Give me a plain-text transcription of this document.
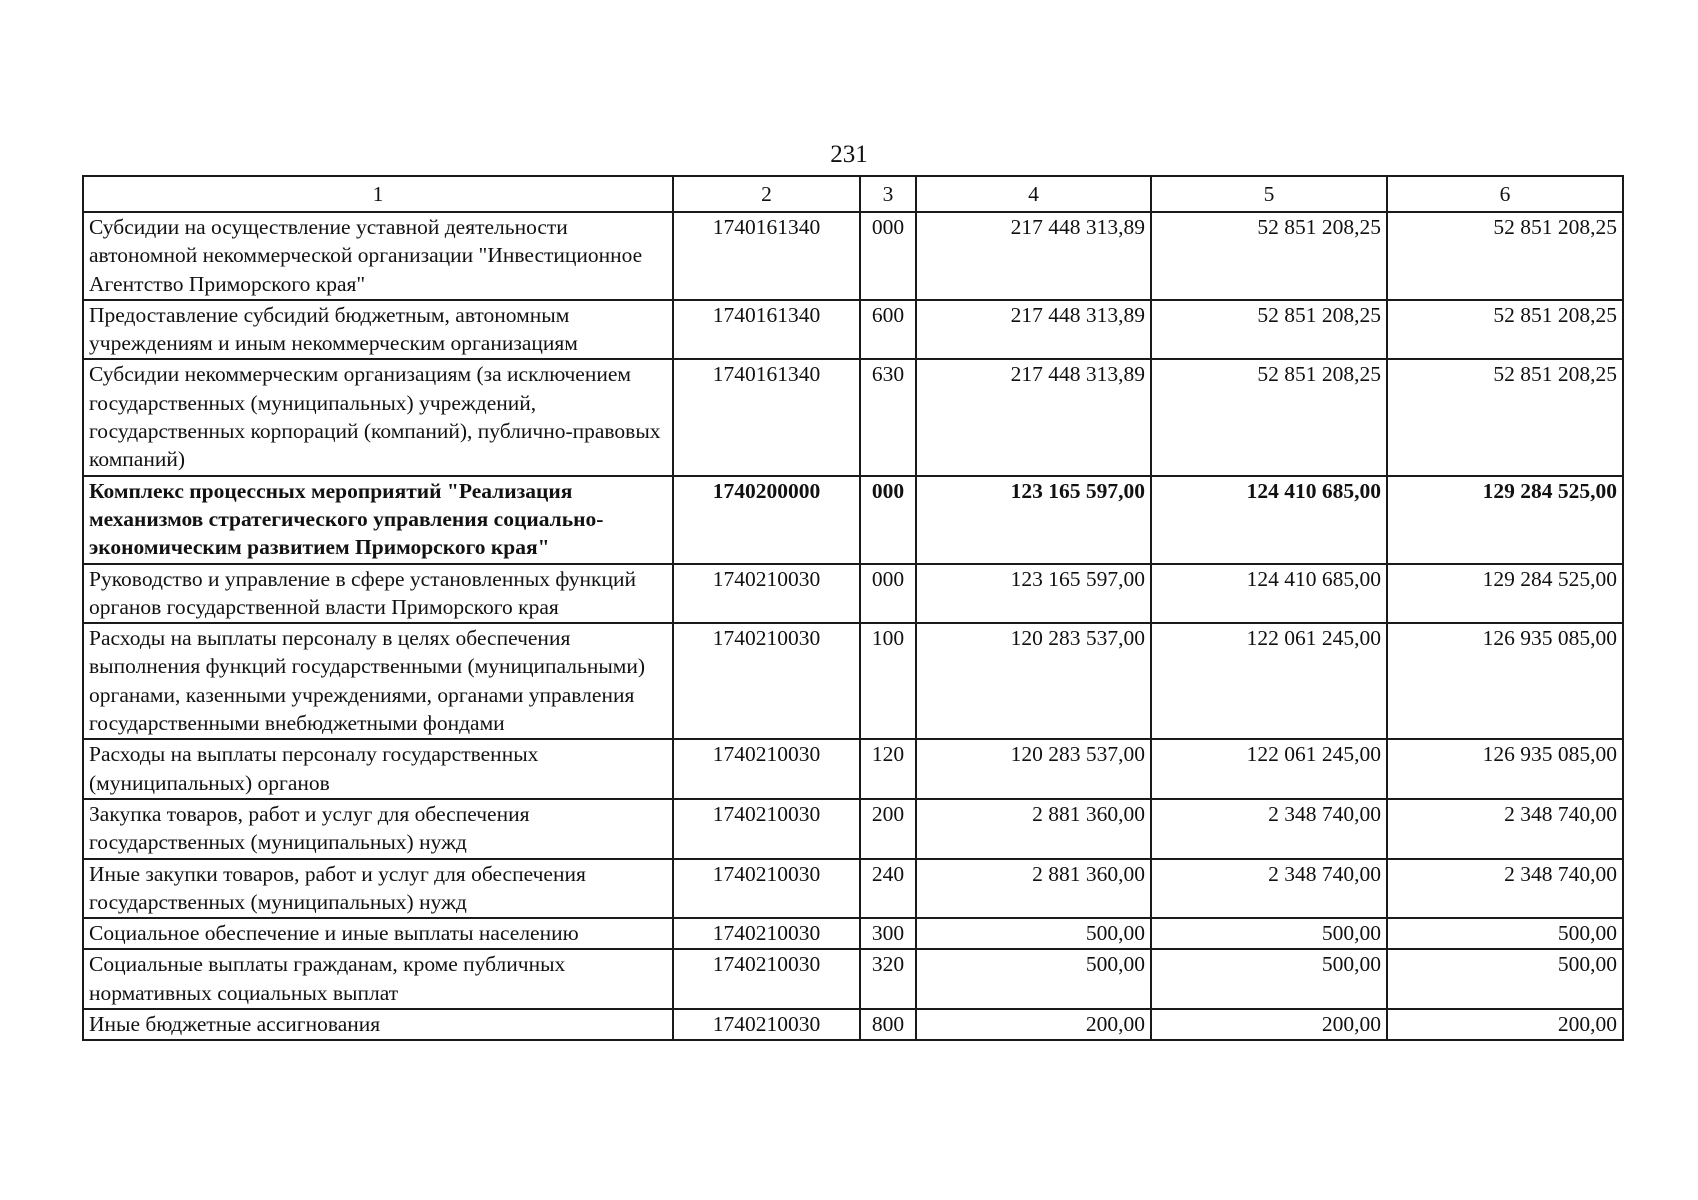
231
1	2	3	4	5	6
Субсидии на осуществление уставной деятельности автономной некоммерческой организации "Инвестиционное Агентство Приморского края"	1740161340	000	217 448 313,89	52 851 208,25	52 851 208,25
Предоставление субсидий бюджетным, автономным учреждениям и иным некоммерческим организациям	1740161340	600	217 448 313,89	52 851 208,25	52 851 208,25
Субсидии некоммерческим организациям (за исключением государственных (муниципальных) учреждений, государственных корпораций (компаний), публично-правовых компаний)	1740161340	630	217 448 313,89	52 851 208,25	52 851 208,25
Комплекс процессных мероприятий "Реализация механизмов стратегического управления социально-экономическим развитием Приморского края"	1740200000	000	123 165 597,00	124 410 685,00	129 284 525,00
Руководство и управление в сфере установленных функций органов государственной власти Приморского края	1740210030	000	123 165 597,00	124 410 685,00	129 284 525,00
Расходы на выплаты персоналу в целях обеспечения выполнения функций государственными (муниципальными) органами, казенными учреждениями, органами управления государственными внебюджетными фондами	1740210030	100	120 283 537,00	122 061 245,00	126 935 085,00
Расходы на выплаты персоналу государственных (муниципальных) органов	1740210030	120	120 283 537,00	122 061 245,00	126 935 085,00
Закупка товаров, работ и услуг для обеспечения государственных (муниципальных) нужд	1740210030	200	2 881 360,00	2 348 740,00	2 348 740,00
Иные закупки товаров, работ и услуг для обеспечения государственных (муниципальных) нужд	1740210030	240	2 881 360,00	2 348 740,00	2 348 740,00
Социальное обеспечение и иные выплаты населению	1740210030	300	500,00	500,00	500,00
Социальные выплаты гражданам, кроме публичных нормативных социальных выплат	1740210030	320	500,00	500,00	500,00
Иные бюджетные ассигнования	1740210030	800	200,00	200,00	200,00
